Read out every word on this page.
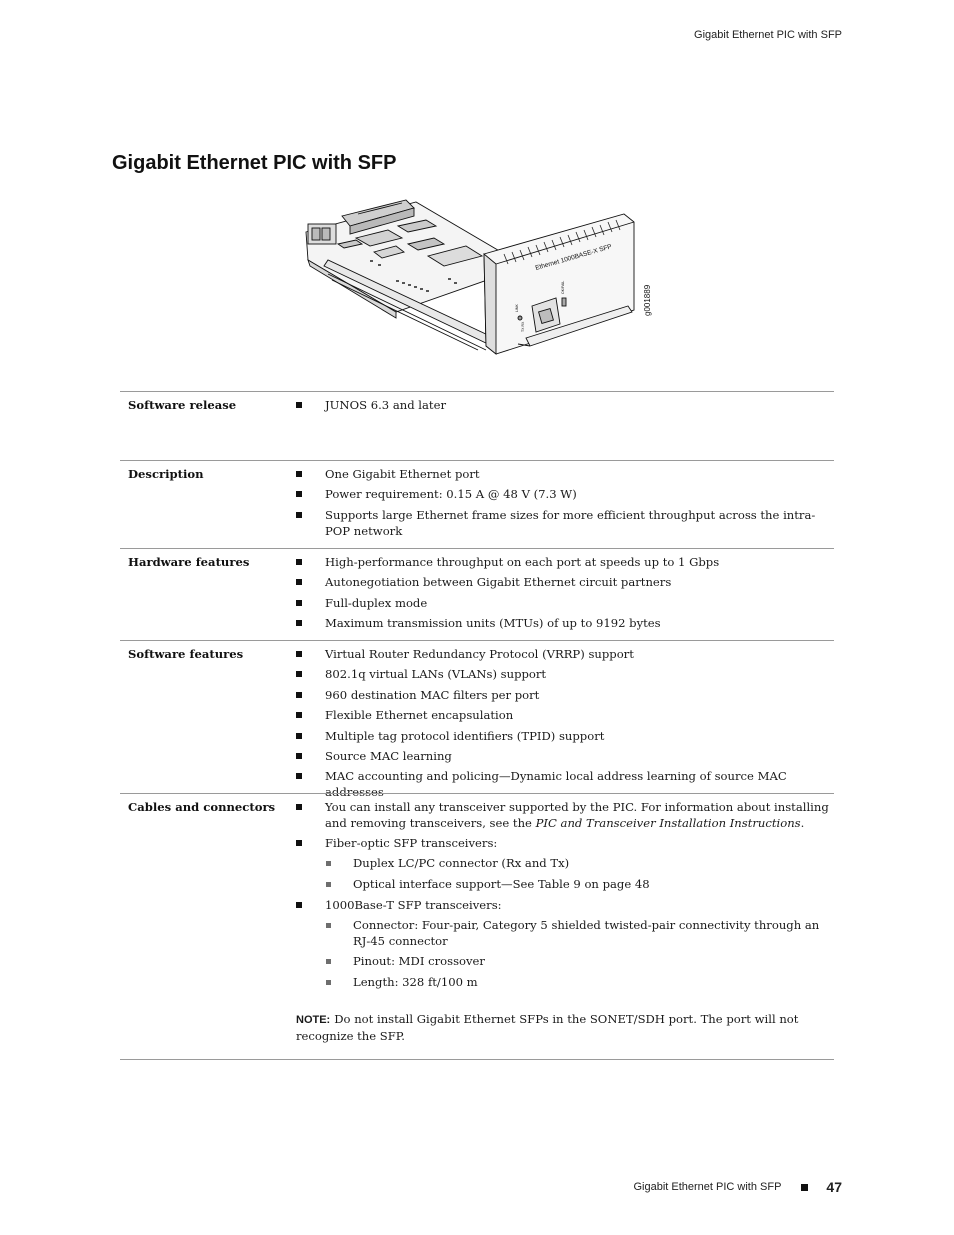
Gigabit Ethernet PIC with SFP
Gigabit Ethernet PIC with SFP
Ethernet 1000BASE-X SFP
OK/FAIL
LINK
TX RX
g001889
Software release	JUNOS 6.3 and later
Description	One Gigabit Ethernet port
Power requirement: 0.15 A @ 48 V (7.3 W)
Supports large Ethernet frame sizes for more efficient throughput across the intra-POP network
Hardware features	High-performance throughput on each port at speeds up to 1 Gbps
Autonegotiation between Gigabit Ethernet circuit partners
Full-duplex mode
Maximum transmission units (MTUs) of up to 9192 bytes
Software features	Virtual Router Redundancy Protocol (VRRP) support
802.1q virtual LANs (VLANs) support
960 destination MAC filters per port
Flexible Ethernet encapsulation
Multiple tag protocol identifiers (TPID) support
Source MAC learning
MAC accounting and policing—Dynamic local address learning of source MAC addresses
Cables and connectors	You can install any transceiver supported by the PIC. For information about installing and removing transceivers, see the PIC and Transceiver Installation Instructions.
Fiber-optic SFP transceivers:
Duplex LC/PC connector (Rx and Tx)
Optical interface support—See Table 9 on page 48
1000Base-T SFP transceivers:
Connector: Four-pair, Category 5 shielded twisted-pair connectivity through an RJ-45 connector
Pinout: MDI crossover
Length: 328 ft/100 m
NOTE: Do not install Gigabit Ethernet SFPs in the SONET/SDH port. The port will not recognize the SFP.
Gigabit Ethernet PIC with SFP	47
